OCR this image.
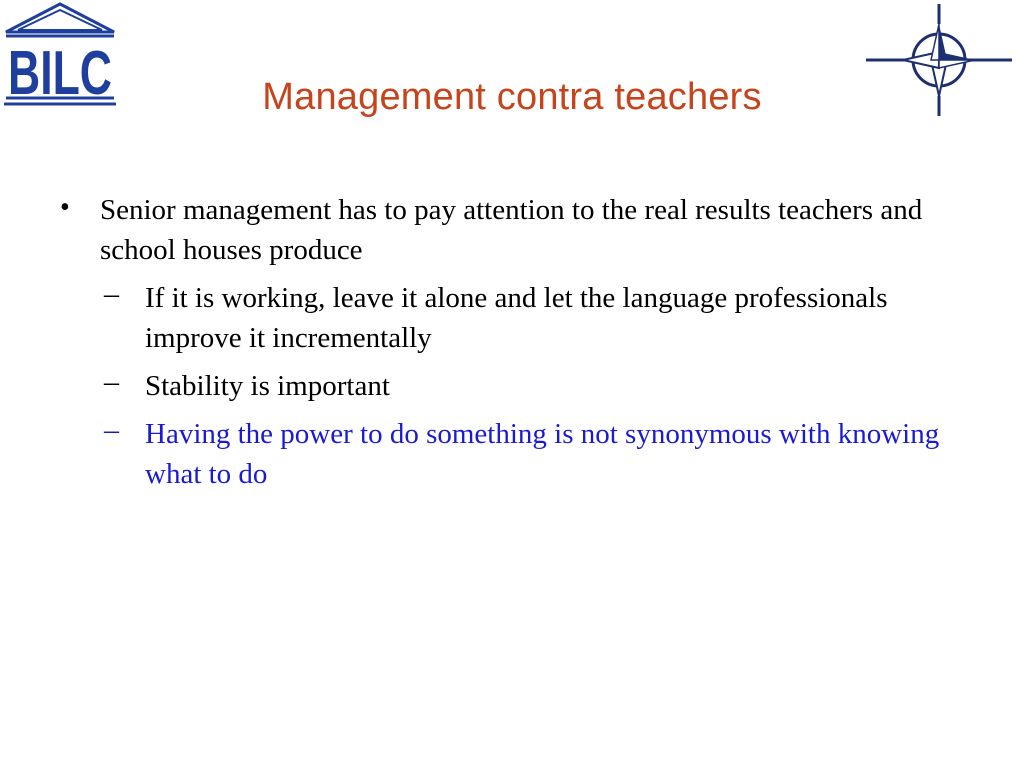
BILC	Management contra teachers
• Senior management has to pay attention to the real results teachers and school houses produce
– If it is working, leave it alone and let the language professionals improve it incrementally
– Stability is important
– Having the power to do something is not synonymous with knowing what to do
